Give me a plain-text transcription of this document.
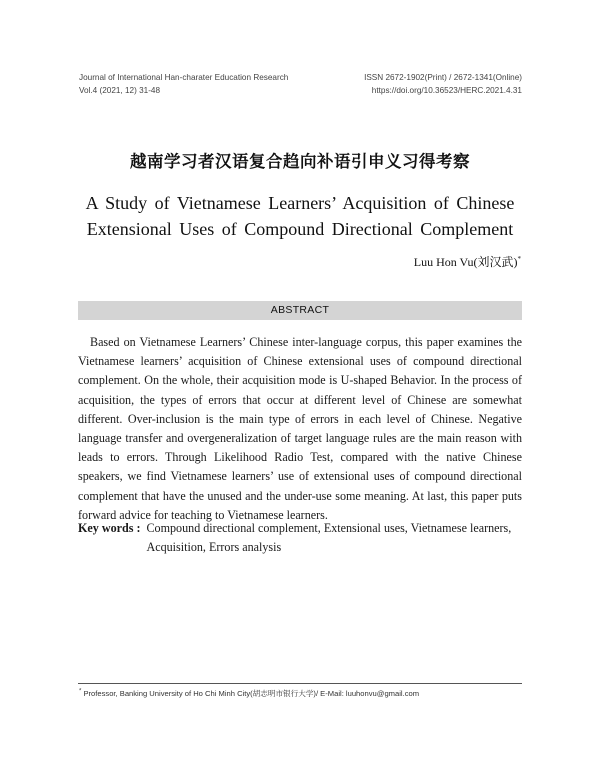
Journal of International Han-charater Education Research
Vol.4 (2021, 12) 31-48
ISSN 2672-1902(Print) / 2672-1341(Online)
https://doi.org/10.36523/HERC.2021.4.31
越南学习者汉语复合趋向补语引申义习得考察
A Study of Vietnamese Learners’ Acquisition of Chinese
Extensional Uses of Compound Directional Complement
Luu Hon Vu(刘汉武)*
ABSTRACT

Based on Vietnamese Learners’ Chinese inter-language corpus, this paper examines the Vietnamese learners’ acquisition of Chinese extensional uses of compound directional complement. On the whole, their acquisition mode is U-shaped Behavior. In the process of acquisition, the types of errors that occur at different level of Chinese are somewhat different. Over-inclusion is the main type of errors in each level of Chinese. Negative language transfer and overgeneralization of target language rules are the main reason with leads to errors. Through Likelihood Radio Test, compared with the native Chinese speakers, we find Vietnamese learners’ use of extensional uses of compound directional complement that have the unused and the under-use some meaning. At last, this paper puts forward advice for teaching to Vietnamese learners.

Key words : Compound directional complement, Extensional uses, Vietnamese learners, Acquisition, Errors analysis
* Professor, Banking University of Ho Chi Minh City(胡志明市银行大学)/ E-Mail: luuhonvu@gmail.com
